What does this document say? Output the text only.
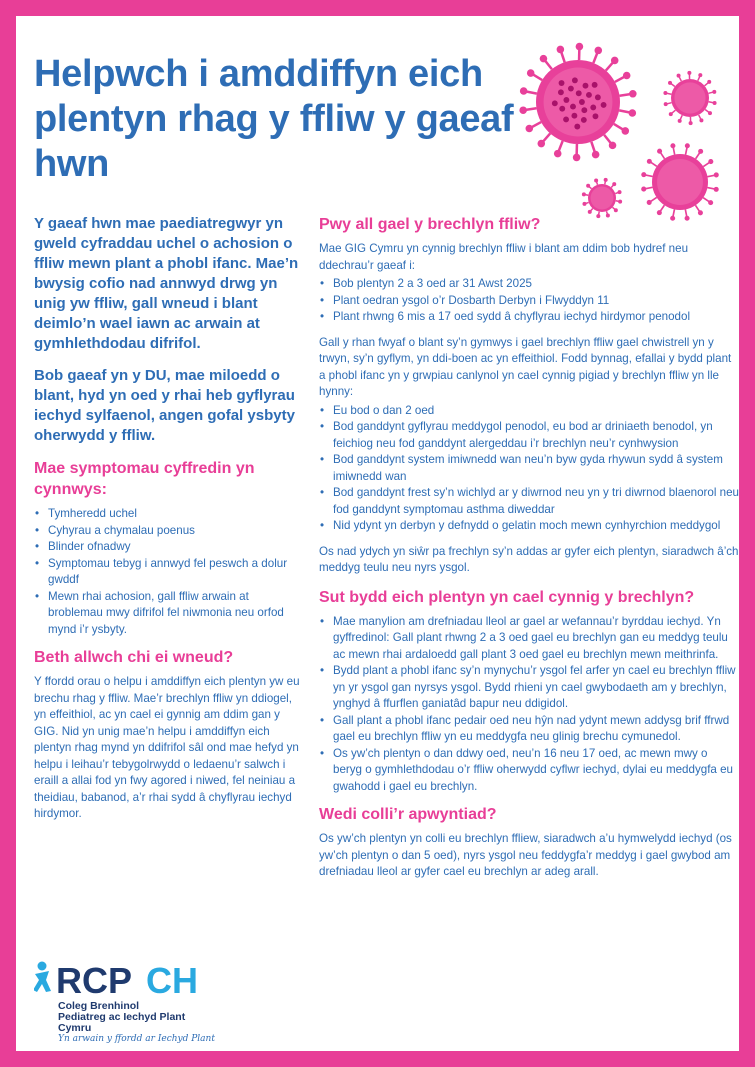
Helpwch i amddiffyn eich plentyn rhag y ffliw y gaeaf hwn

Y gaeaf hwn mae paediatregwyr yn gweld cyfraddau uchel o achosion o ffliw mewn plant a phobl ifanc. Mae’n bwysig cofio nad annwyd drwg yn unig yw ffliw, gall wneud i blant deimlo’n wael iawn ac arwain at gymhlethdodau difrifol.

Bob gaeaf yn y DU, mae miloedd o blant, hyd yn oed y rhai heb gyflyrau iechyd sylfaenol, angen gofal ysbyty oherwydd y ffliw.

Mae symptomau cyffredin yn cynnwys:
• Tymheredd uchel
• Cyhyrau a chymalau poenus
• Blinder ofnadwy
• Symptomau tebyg i annwyd fel peswch a dolur gwddf
• Mewn rhai achosion, gall ffliw arwain at broblemau mwy difrifol fel niwmonia neu orfod mynd i’r ysbyty.
Beth allwch chi ei wneud?

Y ffordd orau o helpu i amddiffyn eich plentyn yw eu brechu rhag y ffliw. Mae’r brechlyn ffliw yn ddiogel, yn effeithiol, ac yn cael ei gynnig am ddim gan y GIG. Nid yn unig mae’n helpu i amddiffyn eich plentyn rhag mynd yn ddifrifol sâl ond mae hefyd yn helpu i leihau’r tebygolrwydd o ledaenu’r salwch i eraill a allai fod yn fwy agored i niwed, fel neiniau a theidiau, babanod, a’r rhai sydd â chyflyrau iechyd hirdymor.

Pwy all gael y brechlyn ffliw?

Mae GIG Cymru yn cynnig brechlyn ffliw i blant am ddim bob hydref neu ddechrau’r gaeaf i:

• Bob plentyn 2 a 3 oed ar 31 Awst 2025
• Plant oedran ysgol o’r Dosbarth Derbyn i Flwyddyn 11
• Plant rhwng 6 mis a 17 oed sydd â chyflyrau iechyd hirdymor penodol

Gall y rhan fwyaf o blant sy’n gymwys i gael brechlyn ffliw gael chwistrell yn y trwyn, sy’n gyflym, yn ddi-boen ac yn effeithiol. Fodd bynnag, efallai y bydd plant a phobl ifanc yn y grwpiau canlynol yn cael cynnig pigiad y brechlyn ffliw yn lle hynny:

• Eu bod o dan 2 oed
• Bod ganddynt gyflyrau meddygol penodol, eu bod ar driniaeth benodol, yn feichiog neu fod ganddynt alergeddau i’r brechlyn neu’r cynhwysion
• Bod ganddynt system imiwnedd wan neu’n byw gyda rhywun sydd â system imiwnedd wan
• Bod ganddynt frest sy’n wichlyd ar y diwrnod neu yn y tri diwrnod blaenorol neu fod ganddynt symptomau asthma diweddar
• Nid ydynt yn derbyn y defnydd o gelatin moch mewn cynhyrchion meddygol

Os nad ydych yn siŵr pa frechlyn sy’n addas ar gyfer eich plentyn, siaradwch â’ch meddyg teulu neu nyrs ysgol.

Sut bydd eich plentyn yn cael cynnig y brechlyn?
• Mae manylion am drefniadau lleol ar gael ar wefannau’r byrddau iechyd. Yn gyffredinol: Gall plant rhwng 2 a 3 oed gael eu brechlyn gan eu meddyg teulu ac mewn rhai ardaloedd gall plant 3 oed gael eu brechlyn mewn meithrinfa.
• Bydd plant a phobl ifanc sy’n mynychu’r ysgol fel arfer yn cael eu brechlyn ffliw yn yr ysgol gan nyrsys ysgol. Bydd rhieni yn cael gwybodaeth am y brechlyn, ynghyd â ffurflen ganiatâd bapur neu ddigidol.
• Gall plant a phobl ifanc pedair oed neu hŷn nad ydynt mewn addysg brif ffrwd gael eu brechlyn ffliw yn eu meddygfa neu glinig brechu cymunedol.
• Os yw’ch plentyn o dan ddwy oed, neu’n 16 neu 17 oed, ac mewn mwy o beryg o gymhlethdodau o’r ffliw oherwydd cyflwr iechyd, dylai eu meddygfa eu gwahodd i gael eu brechlyn.
Wedi colli’r apwyntiad?

Os yw’ch plentyn yn colli eu brechlyn ffliew, siaradwch a’u hymwelydd iechyd (os yw’ch plentyn o dan 5 oed), nyrs ysgol neu feddygfa’r meddyg i gael gwybod am drefniadau lleol ar gyfer cael eu brechlyn ar adeg arall.

RCP CH
Coleg Brenhinol
Pediatreg ac Iechyd Plant
Cymru
Yn arwain y ffordd ar Iechyd Plant
